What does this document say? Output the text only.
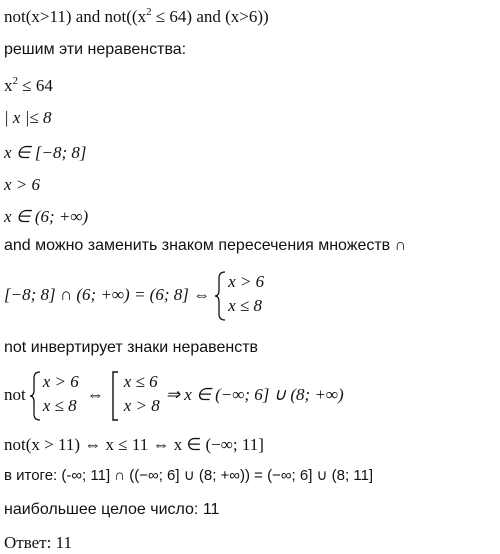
not(x>11) and $not((x^2 \le 64)$ and (x>6))
решим эти неравенства:
$x^2 \le 64$
| x |≤ 8
x ∈ [−8; 8]
x > 6
x ∈ (6; +∞)
and можно заменить знаком пересечения множеств ∩
[−8; 8] ∩ (6; +∞) = (6; 8] ⇔
x > 6
x ≤ 8
not инвертирует знаки неравенств
not
x > 6
x ≤ 8
⇔
x ≤ 6
x > 8
⇒ x ∈ (−∞; 6] ∪ (8; +∞)
not(x > 11) ⇔ x ≤ 11 ⇔ x ∈ (−∞; 11]
в итоге: (-∞; 11] ∩ ((−∞; 6] ∪ (8; +∞)) = (−∞; 6] ∪ (8; 11]
наибольшее целое число: 11
Ответ: 11
